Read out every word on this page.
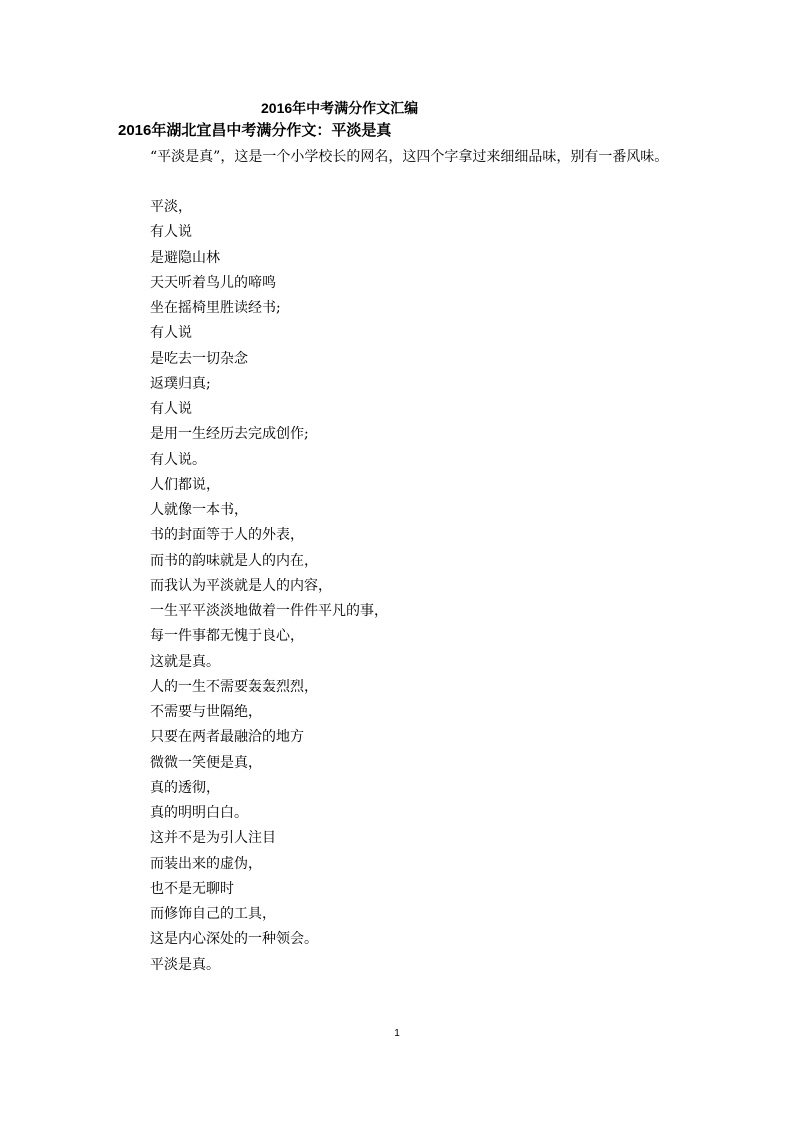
2016年中考满分作文汇编
2016年湖北宜昌中考满分作文：平淡是真

“平淡是真”，这是一个小学校长的网名，这四个字拿过来细细品味，别有一番风味。

平淡，
有人说
是避隐山林
天天听着鸟儿的啼鸣
坐在摇椅里胜读经书;
有人说
是吃去一切杂念
返璞归真;
有人说
是用一生经历去完成创作;
有人说。
人们都说，
人就像一本书，
书的封面等于人的外表，
而书的韵味就是人的内在，
而我认为平淡就是人的内容，
一生平平淡淡地做着一件件平凡的事，
每一件事都无愧于良心，
这就是真。
人的一生不需要轰轰烈烈，
不需要与世隔绝，
只要在两者最融洽的地方
微微一笑便是真，
真的透彻，
真的明明白白。
这并不是为引人注目
而装出来的虚伪，
也不是无聊时
而修饰自己的工具，
这是内心深处的一种领会。
平淡是真。
1
